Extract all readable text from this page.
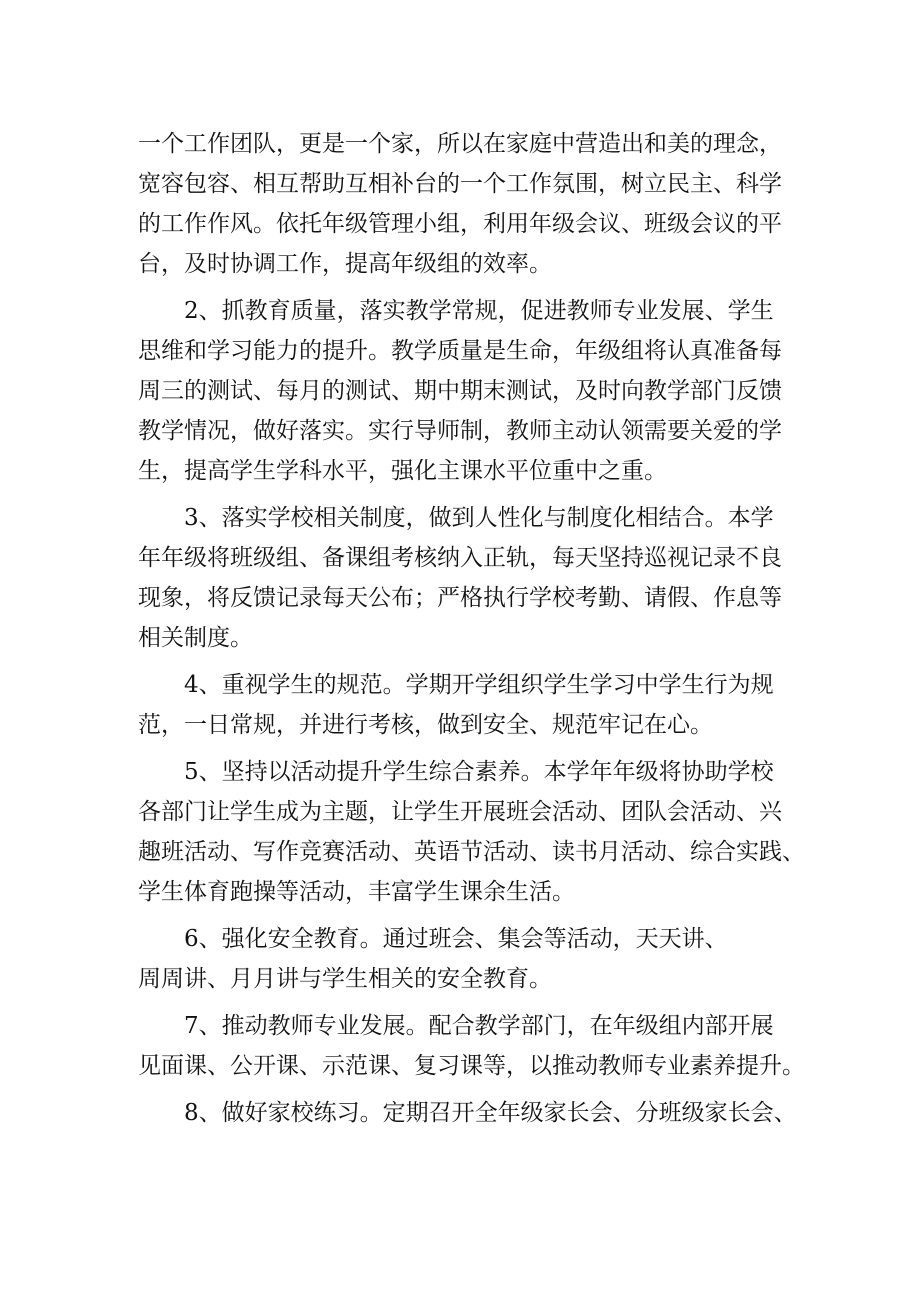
一个工作团队，更是一个家，所以在家庭中营造出和美的理念，
宽容包容、相互帮助互相补台的一个工作氛围，树立民主、科学
的工作作风。依托年级管理小组，利用年级会议、班级会议的平
台，及时协调工作，提高年级组的效率。
2、抓教育质量，落实教学常规，促进教师专业发展、学生
思维和学习能力的提升。教学质量是生命，年级组将认真准备每
周三的测试、每月的测试、期中期末测试，及时向教学部门反馈
教学情况，做好落实。实行导师制，教师主动认领需要关爱的学
生，提高学生学科水平，强化主课水平位重中之重。
3、落实学校相关制度，做到人性化与制度化相结合。本学
年年级将班级组、备课组考核纳入正轨，每天坚持巡视记录不良
现象，将反馈记录每天公布；严格执行学校考勤、请假、作息等
相关制度。
4、重视学生的规范。学期开学组织学生学习中学生行为规
范，一日常规，并进行考核，做到安全、规范牢记在心。
5、坚持以活动提升学生综合素养。本学年年级将协助学校
各部门让学生成为主题，让学生开展班会活动、团队会活动、兴
趣班活动、写作竞赛活动、英语节活动、读书月活动、综合实践、
学生体育跑操等活动，丰富学生课余生活。
6、强化安全教育。通过班会、集会等活动，天天讲、
周周讲、月月讲与学生相关的安全教育。
7、推动教师专业发展。配合教学部门，在年级组内部开展
见面课、公开课、示范课、复习课等，以推动教师专业素养提升。
8、做好家校练习。定期召开全年级家长会、分班级家长会、
